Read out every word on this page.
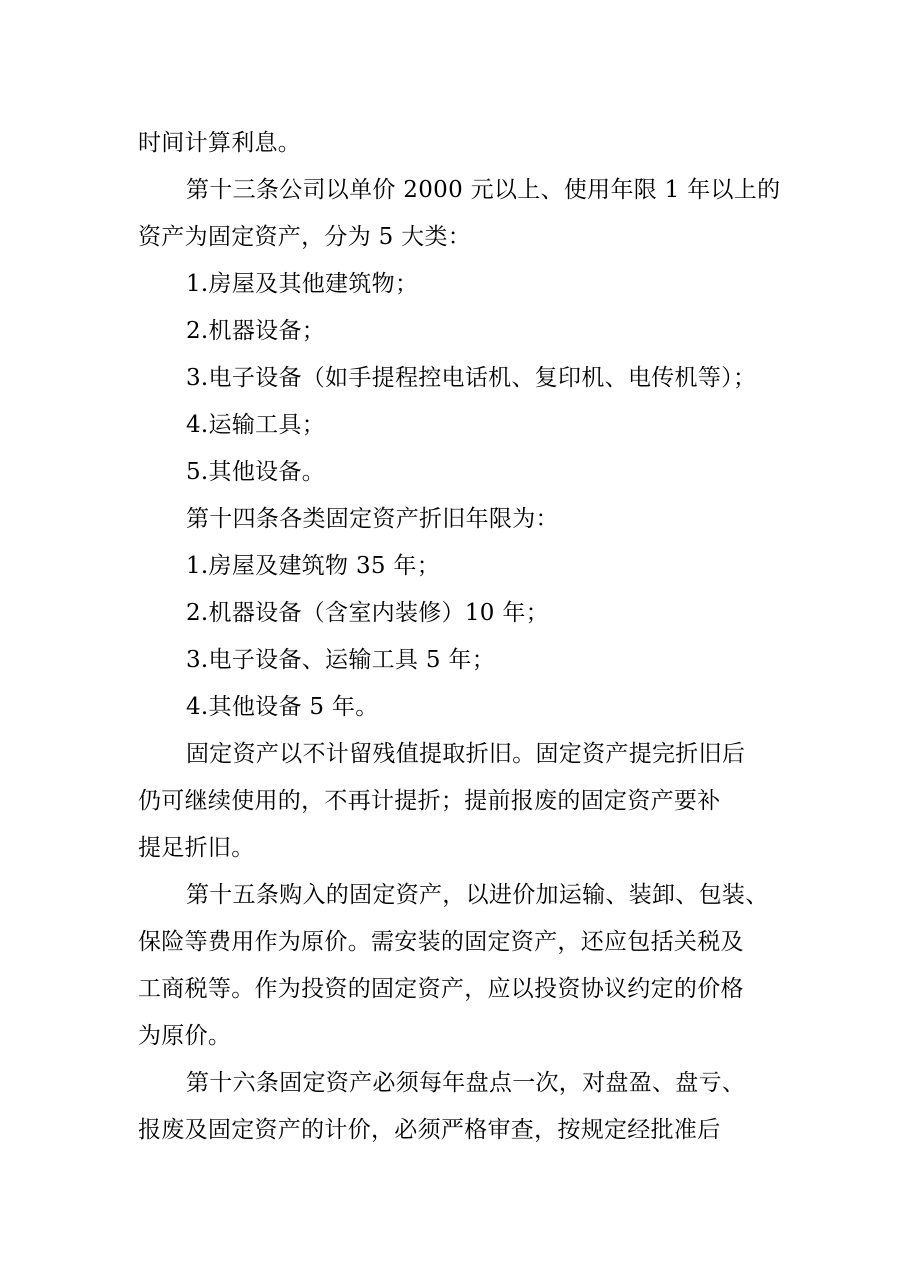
时间计算利息。
第十三条公司以单价 2000 元以上、使用年限 1 年以上的
资产为固定资产，分为 5 大类：
1.房屋及其他建筑物；
2.机器设备；
3.电子设备（如手提程控电话机、复印机、电传机等）；
4.运输工具；
5.其他设备。
第十四条各类固定资产折旧年限为：
1.房屋及建筑物 35 年；
2.机器设备（含室内装修）10 年；
3.电子设备、运输工具 5 年；
4.其他设备 5 年。
固定资产以不计留残值提取折旧。固定资产提完折旧后
仍可继续使用的，不再计提折；提前报废的固定资产要补
提足折旧。
第十五条购入的固定资产，以进价加运输、装卸、包装、
保险等费用作为原价。需安装的固定资产，还应包括关税及
工商税等。作为投资的固定资产，应以投资协议约定的价格
为原价。
第十六条固定资产必须每年盘点一次，对盘盈、盘亏、
报废及固定资产的计价，必须严格审查，按规定经批准后
